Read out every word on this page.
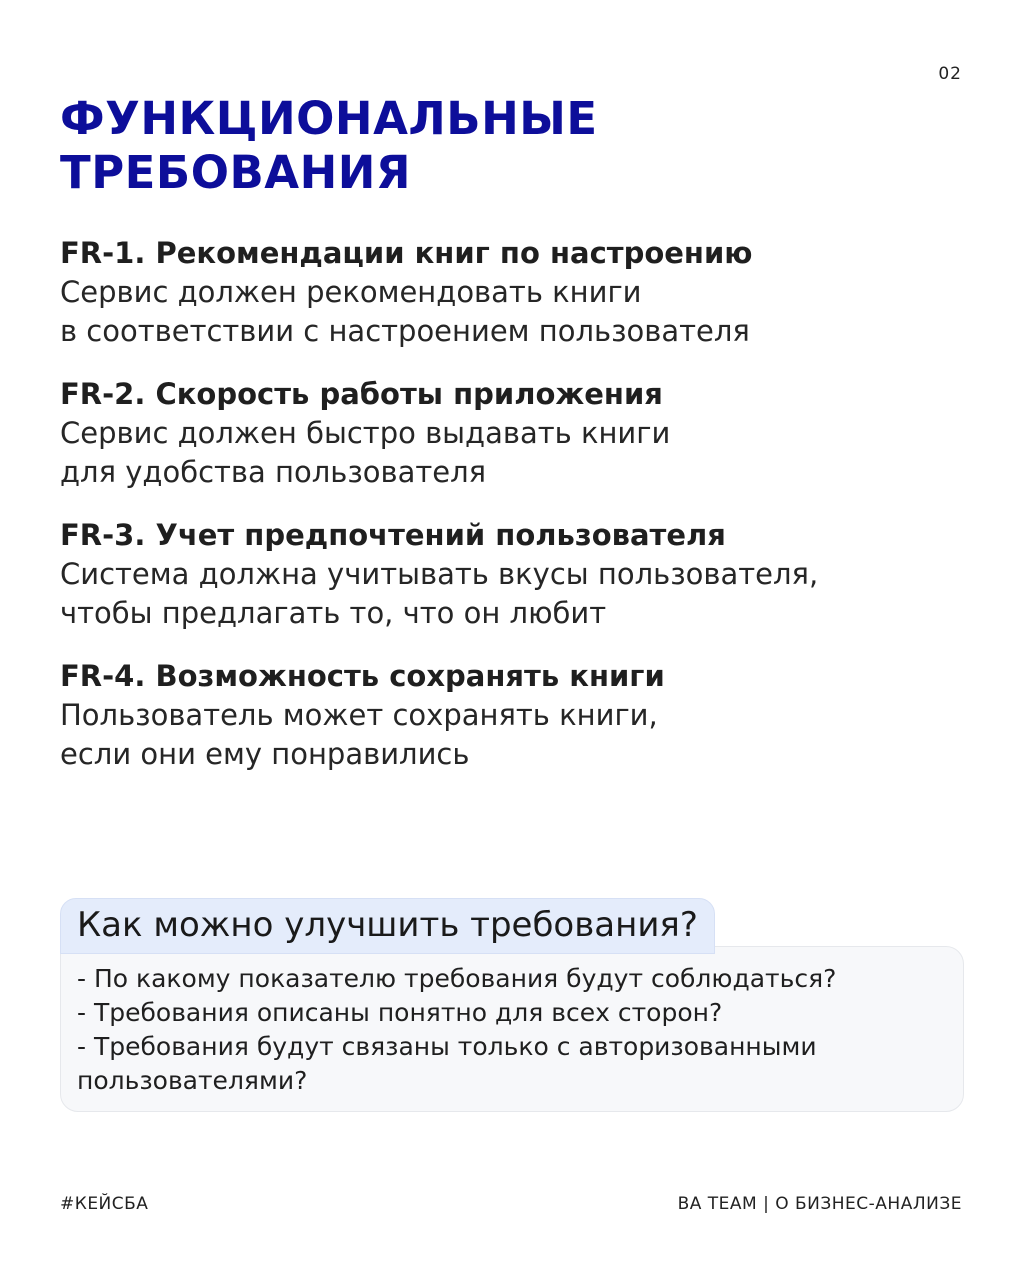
02
ФУНКЦИОНАЛЬНЫЕ
ТРЕБОВАНИЯ
FR-1. Рекомендации книг по настроению
Сервис должен рекомендовать книги
в соответствии с настроением пользователя
FR-2. Скорость работы приложения
Сервис должен быстро выдавать книги
для удобства пользователя
FR-3. Учет предпочтений пользователя
Система должна учитывать вкусы пользователя,
чтобы предлагать то, что он любит
FR-4. Возможность сохранять книги
Пользователь может сохранять книги,
если они ему понравились
Как можно улучшить требования?
- По какому показателю требования будут соблюдаться?
- Требования описаны понятно для всех сторон?
- Требования будут связаны только с авторизованными
пользователями?
#КЕЙСБА	BA TEAM | О БИЗНЕС-АНАЛИЗЕ
